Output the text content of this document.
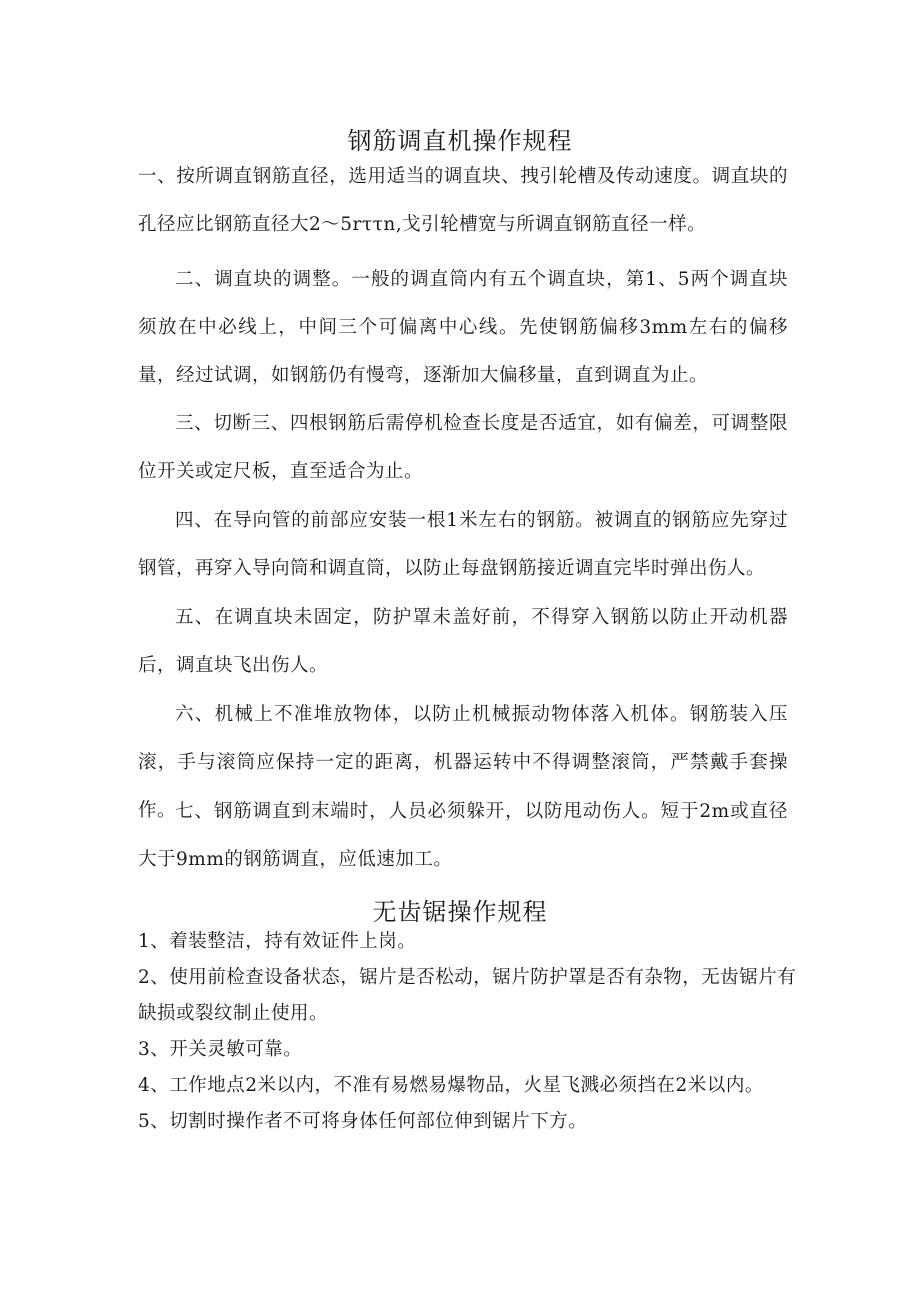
钢筋调直机操作规程

一、按所调直钢筋直径，选用适当的调直块、拽引轮槽及传动速度。调直块的孔径应比钢筋直径大2～5rττn,戈引轮槽宽与所调直钢筋直径一样。

二、调直块的调整。一般的调直筒内有五个调直块，第1、5两个调直块须放在中必线上，中间三个可偏离中心线。先使钢筋偏移3mm左右的偏移量，经过试调，如钢筋仍有慢弯，逐渐加大偏移量，直到调直为止。

三、切断三、四根钢筋后需停机检查长度是否适宜，如有偏差，可调整限位开关或定尺板，直至适合为止。

四、在导向管的前部应安装一根1米左右的钢筋。被调直的钢筋应先穿过钢管，再穿入导向筒和调直筒，以防止每盘钢筋接近调直完毕时弹出伤人。

五、在调直块未固定，防护罩未盖好前，不得穿入钢筋以防止开动机器后，调直块飞出伤人。

六、机械上不准堆放物体，以防止机械振动物体落入机体。钢筋装入压滚，手与滚筒应保持一定的距离，机器运转中不得调整滚筒，严禁戴手套操作。

七、钢筋调直到末端时，人员必须躲开，以防甩动伤人。短于2m或直径大于9mm的钢筋调直，应低速加工。

无齿锯操作规程

1、着装整洁，持有效证件上岗。

2、使用前检查设备状态，锯片是否松动，锯片防护罩是否有杂物，无齿锯片有缺损或裂纹制止使用。

3、开关灵敏可靠。

4、工作地点2米以内，不准有易燃易爆物品，火星飞溅必须挡在2米以内。

5、切割时操作者不可将身体任何部位伸到锯片下方。
